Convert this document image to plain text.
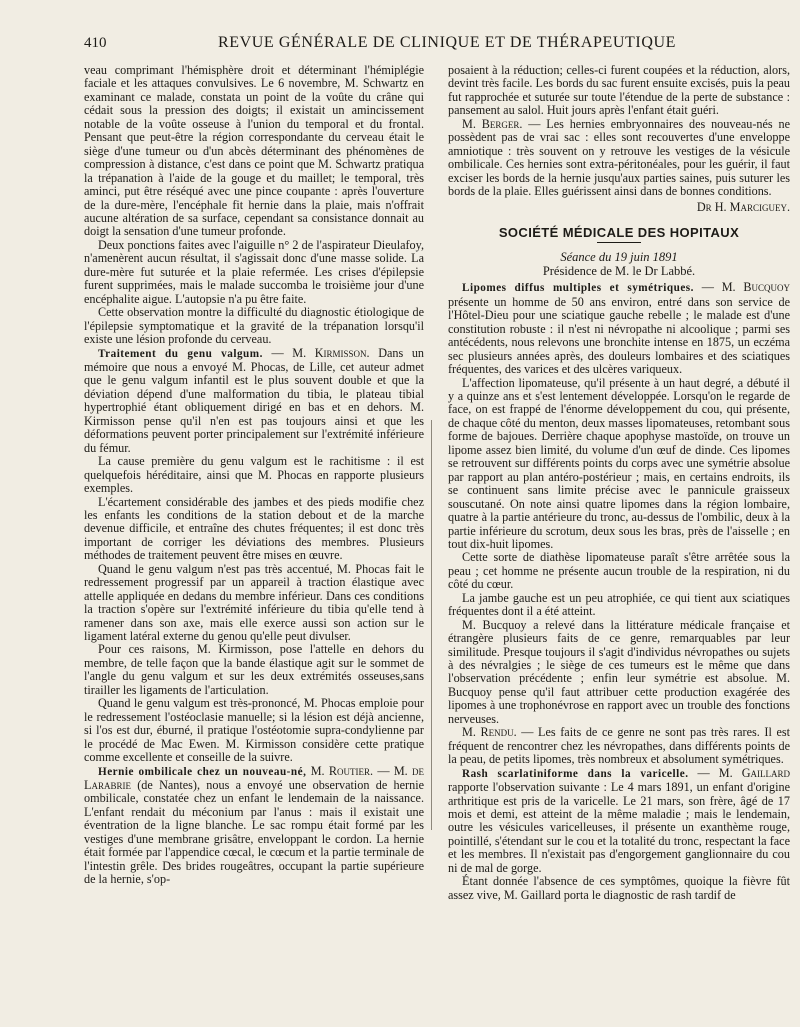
410	REVUE GÉNÉRALE DE CLINIQUE ET DE THÉRAPEUTIQUE

veau comprimant l'hémisphère droit et déterminant l'hémiplégie faciale et les attaques convulsives. Le 6 novembre, M. Schwartz en examinant ce malade, constata un point de la voûte du crâne qui cédait sous la pression des doigts; il existait un amincissement notable de la voûte osseuse à l'union du temporal et du frontal. Pensant que peut-être la région correspondante du cerveau était le siège d'une tumeur ou d'un abcès déterminant des phénomènes de compression à distance, c'est dans ce point que M. Schwartz pratiqua la trépanation à l'aide de la gouge et du maillet; le temporal, très aminci, put être réséqué avec une pince coupante : après l'ouverture de la dure-mère, l'encéphale fit hernie dans la plaie, mais n'offrait aucune altération de sa surface, cependant sa consistance donnait au doigt la sensation d'une tumeur profonde.

Deux ponctions faites avec l'aiguille n° 2 de l'aspirateur Dieulafoy, n'amenèrent aucun résultat, il s'agissait donc d'une masse solide. La dure-mère fut suturée et la plaie refermée. Les crises d'épilepsie furent supprimées, mais le malade succomba le troisième jour d'une encéphalite aigue. L'autopsie n'a pu être faite.

Cette observation montre la difficulté du diagnostic étiologique de l'épilepsie symptomatique et la gravité de la trépanation lorsqu'il existe une lésion profonde du cerveau.

Traitement du genu valgum. — M. Kirmisson. Dans un mémoire que nous a envoyé M. Phocas, de Lille, cet auteur admet que le genu valgum infantil est le plus souvent double et que la déviation dépend d'une malformation du tibia, le plateau tibial hypertrophié étant obliquement dirigé en bas et en dehors. M. Kirmisson pense qu'il n'en est pas toujours ainsi et que les déformations peuvent porter principalement sur l'extrémité inférieure du fémur.

La cause première du genu valgum est le rachitisme : il est quelquefois héréditaire, ainsi que M. Phocas en rapporte plusieurs exemples.

L'écartement considérable des jambes et des pieds modifie chez les enfants les conditions de la station debout et de la marche devenue difficile, et entraîne des chutes fréquentes; il est donc très important de corriger les déviations des membres. Plusieurs méthodes de traitement peuvent être mises en œuvre.

Quand le genu valgum n'est pas très accentué, M. Phocas fait le redressement progressif par un appareil à traction élastique avec attelle appliquée en dedans du membre inférieur. Dans ces conditions la traction s'opère sur l'extrémité inférieure du tibia qu'elle tend à ramener dans son axe, mais elle exerce aussi son action sur le ligament latéral externe du genou qu'elle peut divulser.

Pour ces raisons, M. Kirmisson, pose l'attelle en dehors du membre, de telle façon que la bande élastique agit sur le sommet de l'angle du genu valgum et sur les deux extrémités osseuses,sans tirailler les ligaments de l'articulation.

Quand le genu valgum est très-prononcé, M. Phocas emploie pour le redressement l'ostéoclasie manuelle; si la lésion est déjà ancienne, si l'os est dur, éburné, il pratique l'ostéotomie supra-condylienne par le procédé de Mac Ewen. M. Kirmisson considère cette pratique comme excellente et conseille de la suivre.

Hernie ombilicale chez un nouveau-né, M. Routier. — M. de Larabrie (de Nantes), nous a envoyé une observation de hernie ombilicale, constatée chez un enfant le lendemain de la naissance. L'enfant rendait du méconium par l'anus : mais il existait une éventration de la ligne blanche. Le sac rompu était formé par les vestiges d'une membrane grisâtre, enveloppant le cordon. La hernie était formée par l'appendice cœcal, le cœcum et la partie terminale de l'intestin grêle. Des brides rougeâtres, occupant la partie supérieure de la hernie, s'op-

posaient à la réduction; celles-ci furent coupées et la réduction, alors, devint très facile. Les bords du sac furent ensuite excisés, puis la peau fut rapprochée et suturée sur toute l'étendue de la perte de substance : pansement au salol. Huit jours après l'enfant était guéri.

M. Berger. — Les hernies embryonnaires des nouveau-nés ne possèdent pas de vrai sac : elles sont recouvertes d'une enveloppe amniotique : très souvent on y retrouve les vestiges de la vésicule ombilicale. Ces hernies sont extra-péritonéales, pour les guérir, il faut exciser les bords de la hernie jusqu'aux parties saines, puis suturer les bords de la plaie. Elles guérissent ainsi dans de bonnes conditions.

Dr H. Marciguey.

SOCIÉTÉ MÉDICALE DES HOPITAUX
Séance du 19 juin 1891
Présidence de M. le Dr Labbé.

Lipomes diffus multiples et symétriques. — M. Bucquoy présente un homme de 50 ans environ, entré dans son service de l'Hôtel-Dieu pour une sciatique gauche rebelle ; le malade est d'une constitution robuste : il n'est ni névropathe ni alcoolique ; parmi ses antécédents, nous relevons une bronchite intense en 1875, un eczéma sec plusieurs années après, des douleurs lombaires et des sciatiques fréquentes, des varices et des ulcères variqueux.

L'affection lipomateuse, qu'il présente à un haut degré, a débuté il y a quinze ans et s'est lentement développée. Lorsqu'on le regarde de face, on est frappé de l'énorme développement du cou, qui présente, de chaque côté du menton, deux masses lipomateuses, retombant sous forme de bajoues. Derrière chaque apophyse mastoïde, on trouve un lipome assez bien limité, du volume d'un œuf de dinde. Ces lipomes se retrouvent sur différents points du corps avec une symétrie absolue par rapport au plan antéro-postérieur ; mais, en certains endroits, ils se continuent sans limite précise avec le pannicule graisseux souscutané. On note ainsi quatre lipomes dans la région lombaire, quatre à la partie antérieure du tronc, au-dessus de l'ombilic, deux à la partie inférieure du scrotum, deux sous les bras, près de l'aisselle ; en tout dix-huit lipomes.

Cette sorte de diathèse lipomateuse paraît s'être arrêtée sous la peau ; cet homme ne présente aucun trouble de la respiration, ni du côté du cœur.

La jambe gauche est un peu atrophiée, ce qui tient aux sciatiques fréquentes dont il a été atteint.

M. Bucquoy a relevé dans la littérature médicale française et étrangère plusieurs faits de ce genre, remarquables par leur similitude. Presque toujours il s'agit d'individus névropathes ou sujets à des névralgies ; le siège de ces tumeurs est le même que dans l'observation précédente ; enfin leur symétrie est absolue. M. Bucquoy pense qu'il faut attribuer cette production exagérée des lipomes à une trophonévrose en rapport avec un trouble des fonctions nerveuses.

M. Rendu. — Les faits de ce genre ne sont pas très rares. Il est fréquent de rencontrer chez les névropathes, dans différents points de la peau, de petits lipomes, très nombreux et absolument symétriques.

Rash scarlatiniforme dans la varicelle. — M. Gaillard rapporte l'observation suivante : Le 4 mars 1891, un enfant d'origine arthritique est pris de la varicelle. Le 21 mars, son frère, âgé de 17 mois et demi, est atteint de la même maladie ; mais le lendemain, outre les vésicules varicelleuses, il présente un exanthème rouge, pointillé, s'étendant sur le cou et la totalité du tronc, respectant la face et les membres. Il n'existait pas d'engorgement ganglionnaire du cou ni de mal de gorge.

Étant donnée l'absence de ces symptômes, quoique la fièvre fût assez vive, M. Gaillard porta le diagnostic de rash tardif de
